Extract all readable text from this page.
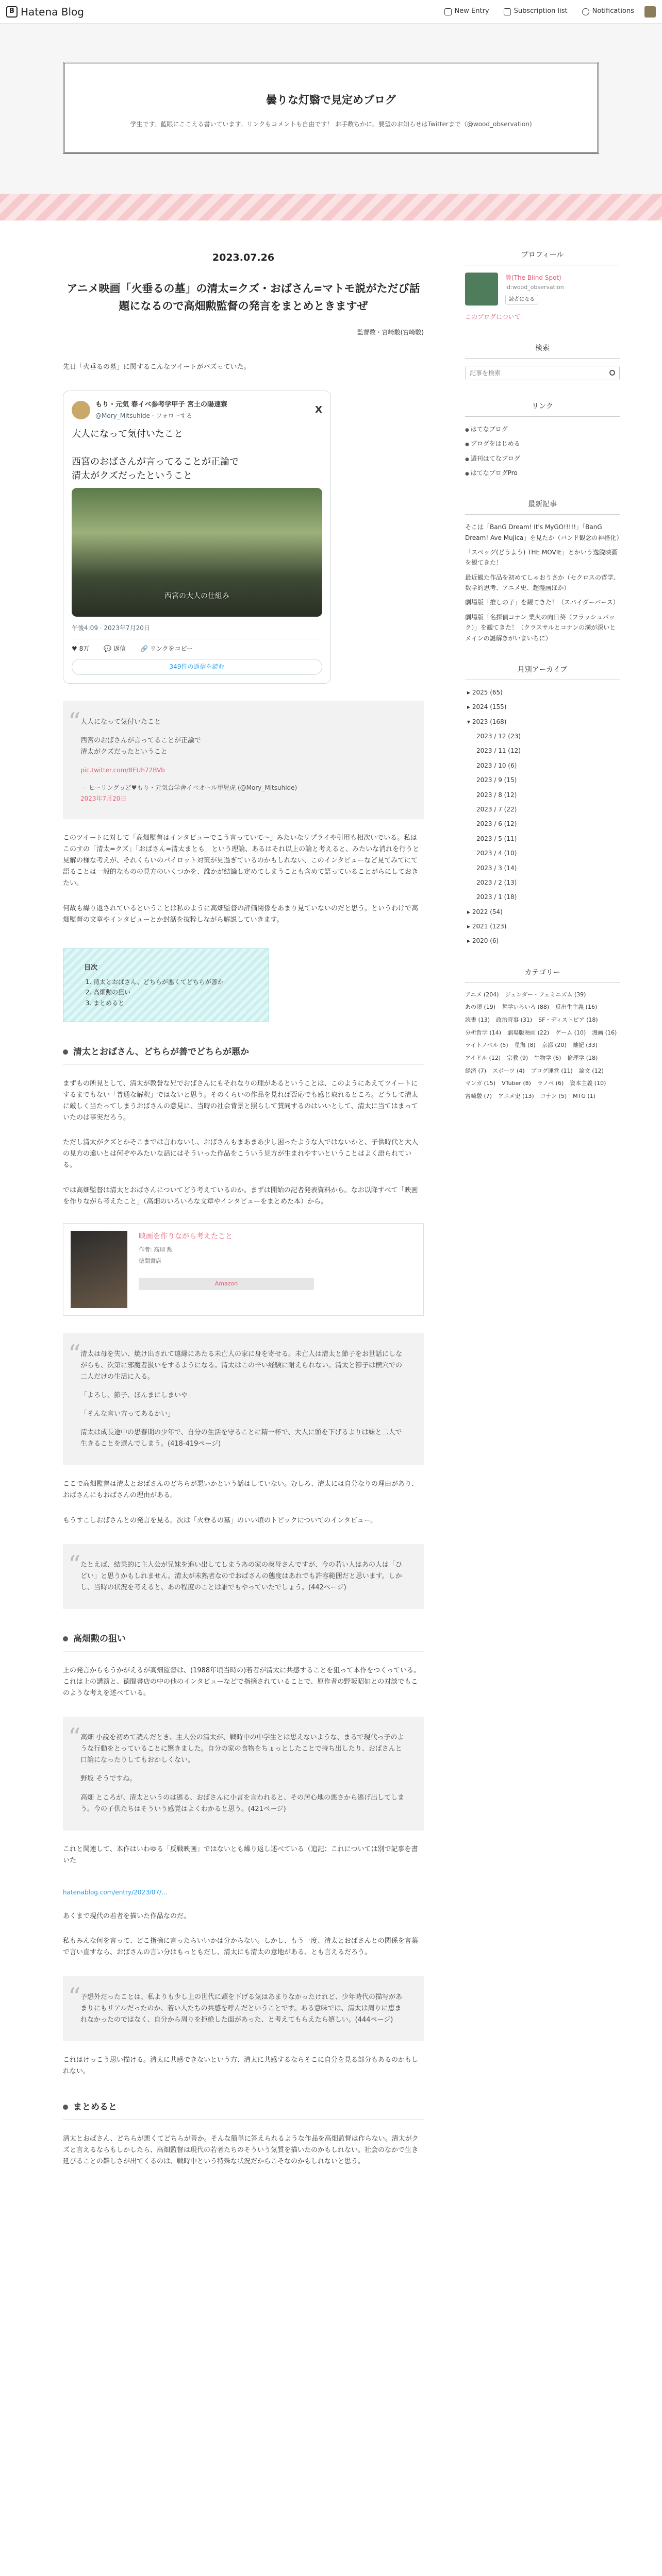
B Hatena Blog	New Entry	Subscription list	Notifications
曇りな灯翳で見定めブログ

学生です。藍眼にここえる書いています。リンクもコメントも自由です！ お手数ちかに。要望のお知らせはTwitterまで（@wood_observation)

2023.07.26
アニメ映画「火垂るの墓」の清太=クズ・おばさん=マトモ説がただび話題になるので高畑勲監督の発言をまとめときますぜ
監督数・宮崎駿(宮崎駿)

先日「火垂るの墓」に関するこんなツイートがバズっていた。

もり・元気 春イベ参考学甲子 宮土の陽速寮
@Mory_Mitsuhide · フォローする
X
大人になって気付いたこと

西宮のおばさんが言ってることが正論で
清太がクズだったということ
西宮の大人の仕組み
午後4:09 · 2023年7月20日
♥ 8万 💬 返信 🔗 リンクをコピー
349件の返信を読む

“ 大人になって気付いたこと

西宮のおばさんが言ってることが正論で

清太がクズだったということ

pic.twitter.com/8EUh72BVb

— ヒーリングっど♥もり・元気台学舎イベオール甲児虎 (@Mory_Mitsuhide)

2023年7月20日

このツイートに対して「高畑監督はインタビューでこう言っていて〜」みたいなリプライや引用も相次いでいる。私はこのすの「清太=クズ」「おばさん=清太まとも」という理論、あるはそれ以上の論と考えると、みたいな消れを行うと見解の様な考えが、それくらいのパイロット対策が見過ぎているのかもしれない、このインタビューなど見てみてにて語ることは一般的なものの見方のいくつかを、誰かが結論し定めてしまうことも含めて語っていることがらにしておきたい。

何故も繰り返されているということは私のように高畑監督の評価関係をあまり見ていないのだと思う。というわけで高畑監督の文章やインタビューとか封話を抜粋しながら解説していきます。

目次
1. 清太とおばさん、どちらが悪くてどちらが善か
2. 高畑勲の狙い
3. まとめると
清太とおばさん、どちらが善でどちらが悪か

まずもの所見として、清太が教誉な兄でおばさんにもそれなりの理があるということは、このようにあえてツイートにするまでもない「普通な解釈」ではないと思う。そのくらいの作品を見れば否応でも感じ取れるところ。どうして清太に厳しく当たってしまうおばさんの意見に、当時の社会背景と照らして賛同するのはいいとして、清太に当てはまっていたのは事実だろう。

ただし清太がクズとかそこまでは言わないし、おばさんもまあまあ少し困ったような人ではないかと、子供時代と大人の見方の違いとは何ぞやみたいな話にはそういった作品をこういう見方が生まれやすいということはよく語られている。

では高畑監督は清太とおばさんについてどう考えているのか。まずは開始の記者発表資料から。なお以降すべて「映画を作りながら考えたこと」（高畑のいろいろな文章やインタビューをまとめた本）から。

映画を作りながら考えたこと
作者: 高畑 勲
徳間書店
Amazon

“ 清太は母を失い、焼け出されて遠縁にあたる未亡人の家に身を寄せる。未亡人は清太と節子をお世話にしながらも、次第に邪魔者扱いをするようになる。清太はこの辛い経験に耐えられない。清太と節子は横穴での二人だけの生活に入る。

「よろし、節子、ほんまにしまいや」

「そんな言い方ってあるかい」

清太は成長途中の思春期の少年で、自分の生活を守ることに精一杯で、大人に頭を下げるよりは妹と二人で生きることを選んでしまう。(418-419ページ)

ここで高畑監督は清太とおばさんのどちらが悪いかという話はしていない。むしろ、清太には自分なりの理由があり、おばさんにもおばさんの理由がある。

もうすこしおばさんとの発言を見る。次は「火垂るの墓」のいい頃のトピックについてのインタビュー。

“ たとえば、結果的に主人公が兄妹を追い出してしまうあの家の叔母さんですが、今の若い人はあの人は「ひどい」と思うかもしれません。清太が未熟者なのでおばさんの態度はあれでも許容範囲だと思います。しかし、当時の状況を考えると、あの程度のことは誰でもやっていたでしょう。(442ページ)

高畑勲の狙い

上の発言からもうかがえるが高畑監督は、(1988年頃当時の)若者が清太に共感することを狙って本作をつくっている。これは上の講演と、徳間書店の中の他のインタビューなどで指摘されていることで、原作者の野坂昭如との対談でもこのような考えを述べている。

“ 高畑 小説を初めて読んだとき、主人公の清太が、戦時中の中学生とは思えないような、まるで現代っ子のような行動をとっていることに驚きました。自分の家の食物をちょっとしたことで持ち出したり、おばさんと口論になったりしてもおかしくない。

野坂 そうですね。

高畑 ところが、清太というのは逃る、おばさんに小言を言われると、その居心地の悪さから逃げ出してしまう。今の子供たちはそういう感覚はよくわかると思う。(421ページ)

これと関連して、本作はいわゆる「反戦映画」ではないとも繰り返し述べている（追記：これについては別で記事を書いた

hatenablog.com/entry/2023/07/...

あくまで現代の若者を描いた作品なのだ。

私もみんな何を言って、どこ指摘に言ったらいいかは分からない。しかし、もう一度、清太とおばさんとの関係を言葉で言い直すなら、おばさんの言い分はもっともだし、清太にも清太の意地がある、とも言えるだろう。

“ 予想外だったことは、私よりも少し上の世代に頭を下げる気はあまりなかったけれど、少年時代の描写があまりにもリアルだったのか、若い人たちの共感を呼んだということです。ある意味では、清太は周りに恵まれなかったのではなく、自分から周りを拒絶した面があった、と考えてもらえたら嬉しい。(444ページ)

これはけっこう思い描ける。清太に共感できないという方、清太に共感するならそこに自分を見る部分もあるのかもしれない。

まとめると

清太とおばさん、どちらが悪くてどちらが善か。そんな簡単に答えられるような作品を高畑監督は作らない。清太がクズと言えるならもしかしたら、高畑監督は現代の若者たちのそういう気質を描いたのかもしれない。社会のなかで生き延びることの難しさが出てくるのは、戦時中という特殊な状況だからこそなのかもしれないと思う。

プロフィール
曇(The Blind Spot)
id:wood_observation
読者になる
このブログについて
検索
記事を検索
リンク
● はてなブログ
● ブログをはじめる
● 週刊はてなブログ
● はてなブログPro
最新記事
そこは「BanG Dream! It's MyGO!!!!!」「BanG Dream! Ave Mujica」を見たか（バンド観念の神格化）
「スペッグ(どうよう) THE MOVIE」とかいう逸脱映画を観てきた！
最近観た作品を初めてしゃおうさか（セクロスの哲学、数学的思考、アニメ史、超漫画ほか）
劇場版「推しの子」を観てきた！（スパイダーバース）
劇場版「名探偵コナン 業火の向日葵（フラッシュバック）」を観てきた！（クラスサルとコナンの溝が深いとメインの謎解きがいまいちに）
月別アーカイブ
▸ 2025 (65)
▸ 2024 (155)
▾ 2023 (168)
2023 / 12 (23)
2023 / 11 (12)
2023 / 10 (6)
2023 / 9 (15)
2023 / 8 (12)
2023 / 7 (22)
2023 / 6 (12)
2023 / 5 (11)
2023 / 4 (10)
2023 / 3 (14)
2023 / 2 (13)
2023 / 1 (18)
▸ 2022 (54)
▸ 2021 (123)
▸ 2020 (6)
カテゴリー
アニメ (204) ジェンダー・フェミニズム (39)
あの頃 (19) 哲学いろいろ (88) 反出生主義 (16)
読書 (13) 政治時事 (31) SF・ディストピア (18)
分析哲学 (14) 劇場版映画 (22) ゲーム (10) 漫画 (16)
ライトノベル (5) 星海 (8) 京都 (20) 雑記 (33)
アイドル (12) 宗教 (9) 生物学 (6) 倫理学 (18)
経済 (7) スポーツ (4) ブログ運営 (11) 論文 (12)
マンガ (15) VTuber (8) ラノベ (6) 資本主義 (10)
宮崎駿 (7) アニメ史 (13) コナン (5) MTG (1)
